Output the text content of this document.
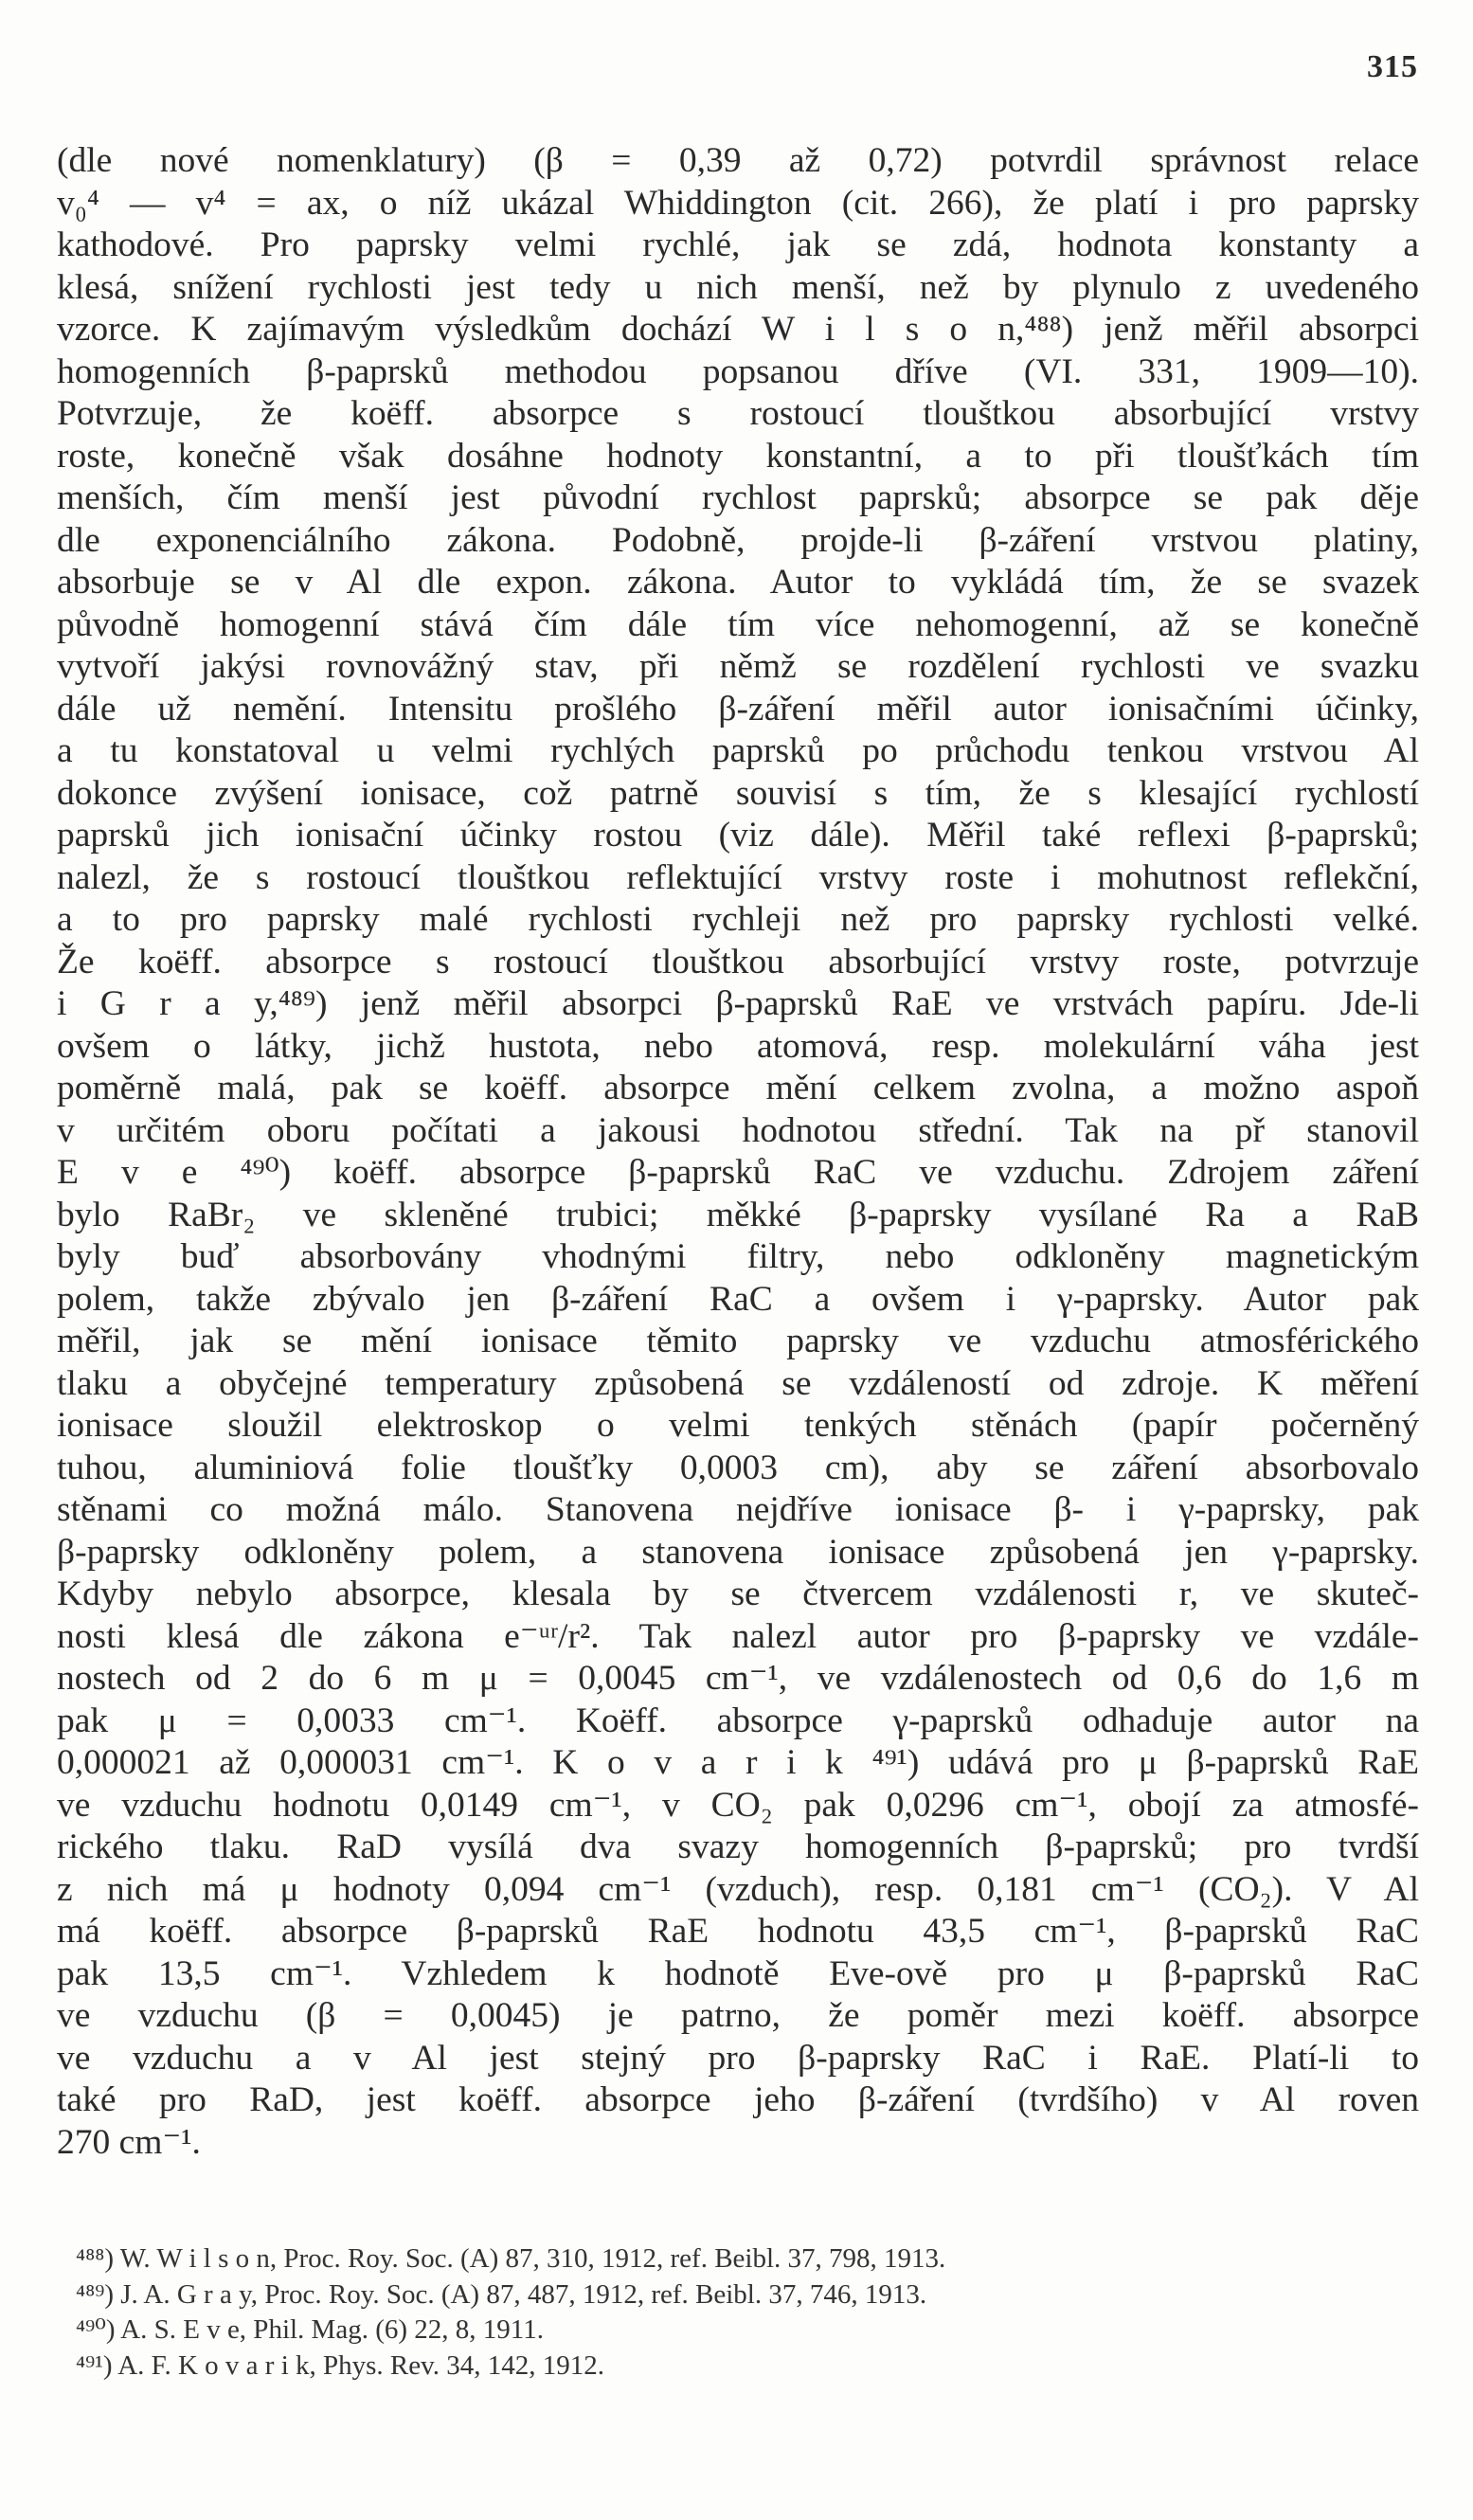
315
(dle nové nomenklatury) (β = 0,39 až 0,72) potvrdil správnost relace
v₀⁴ — v⁴ = ax, o níž ukázal Whiddington (cit. 266), že platí i pro paprsky
kathodové. Pro paprsky velmi rychlé, jak se zdá, hodnota konstanty a
klesá, snížení rychlosti jest tedy u nich menší, než by plynulo z uvedeného
vzorce. K zajímavým výsledkům dochází W i l s o n,⁴⁸⁸) jenž měřil absorpci
homogenních β-paprsků methodou popsanou dříve (VI. 331, 1909—10).
Potvrzuje, že koëff. absorpce s rostoucí tlouštkou absorbující vrstvy
roste, konečně však dosáhne hodnoty konstantní, a to při tloušťkách tím
menších, čím menší jest původní rychlost paprsků; absorpce se pak děje
dle exponenciálního zákona. Podobně, projde-li β-záření vrstvou platiny,
absorbuje se v Al dle expon. zákona. Autor to vykládá tím, že se svazek
původně homogenní stává čím dále tím více nehomogenní, až se konečně
vytvoří jakýsi rovnovážný stav, při němž se rozdělení rychlosti ve svazku
dále už nemění. Intensitu prošlého β-záření měřil autor ionisačními účinky,
a tu konstatoval u velmi rychlých paprsků po průchodu tenkou vrstvou Al
dokonce zvýšení ionisace, což patrně souvisí s tím, že s klesající rychlostí
paprsků jich ionisační účinky rostou (viz dále). Měřil také reflexi β-paprsků;
nalezl, že s rostoucí tlouštkou reflektující vrstvy roste i mohutnost reflekční,
a to pro paprsky malé rychlosti rychleji než pro paprsky rychlosti velké.
Že koëff. absorpce s rostoucí tlouštkou absorbující vrstvy roste, potvrzuje
i G r a y,⁴⁸⁹) jenž měřil absorpci β-paprsků RaE ve vrstvách papíru. Jde-li
ovšem o látky, jichž hustota, nebo atomová, resp. molekulární váha jest
poměrně malá, pak se koëff. absorpce mění celkem zvolna, a možno aspoň
v určitém oboru počítati a jakousi hodnotou střední. Tak na př stanovil
E v e ⁴⁹⁰) koëff. absorpce β-paprsků RaC ve vzduchu. Zdrojem záření
bylo RaBr₂ ve skleněné trubici; měkké β-paprsky vysílané Ra a RaB
byly buď absorbovány vhodnými filtry, nebo odkloněny magnetickým
polem, takže zbývalo jen β-záření RaC a ovšem i γ-paprsky. Autor pak
měřil, jak se mění ionisace těmito paprsky ve vzduchu atmosférického
tlaku a obyčejné temperatury způsobená se vzdáleností od zdroje. K měření
ionisace sloužil elektroskop o velmi tenkých stěnách (papír počerněný
tuhou, aluminiová folie tloušťky 0,0003 cm), aby se záření absorbovalo
stěnami co možná málo. Stanovena nejdříve ionisace β- i γ-paprsky, pak
β-paprsky odkloněny polem, a stanovena ionisace způsobená jen γ-paprsky.
Kdyby nebylo absorpce, klesala by se čtvercem vzdálenosti r, ve skuteč-
nosti klesá dle zákona e⁻ᵘʳ/r². Tak nalezl autor pro β-paprsky ve vzdále-
nostech od 2 do 6 m μ = 0,0045 cm⁻¹, ve vzdálenostech od 0,6 do 1,6 m
pak μ = 0,0033 cm⁻¹. Koëff. absorpce γ-paprsků odhaduje autor na
0,000021 až 0,000031 cm⁻¹. K o v a r i k ⁴⁹¹) udává pro μ β-paprsků RaE
ve vzduchu hodnotu 0,0149 cm⁻¹, v CO₂ pak 0,0296 cm⁻¹, obojí za atmosfé-
rického tlaku. RaD vysílá dva svazy homogenních β-paprsků; pro tvrdší
z nich má μ hodnoty 0,094 cm⁻¹ (vzduch), resp. 0,181 cm⁻¹ (CO₂). V Al
má koëff. absorpce β-paprsků RaE hodnotu 43,5 cm⁻¹, β-paprsků RaC
pak 13,5 cm⁻¹. Vzhledem k hodnotě Eve-ově pro μ β-paprsků RaC
ve vzduchu (β = 0,0045) je patrno, že poměr mezi koëff. absorpce
ve vzduchu a v Al jest stejný pro β-paprsky RaC i RaE. Platí-li to
také pro RaD, jest koëff. absorpce jeho β-záření (tvrdšího) v Al roven
270 cm⁻¹.
⁴⁸⁸) W. W i l s o n, Proc. Roy. Soc. (A) 87, 310, 1912, ref. Beibl. 37, 798, 1913.
⁴⁸⁹) J. A. G r a y, Proc. Roy. Soc. (A) 87, 487, 1912, ref. Beibl. 37, 746, 1913.
⁴⁹⁰) A. S. E v e, Phil. Mag. (6) 22, 8, 1911.
⁴⁹¹) A. F. K o v a r i k, Phys. Rev. 34, 142, 1912.
